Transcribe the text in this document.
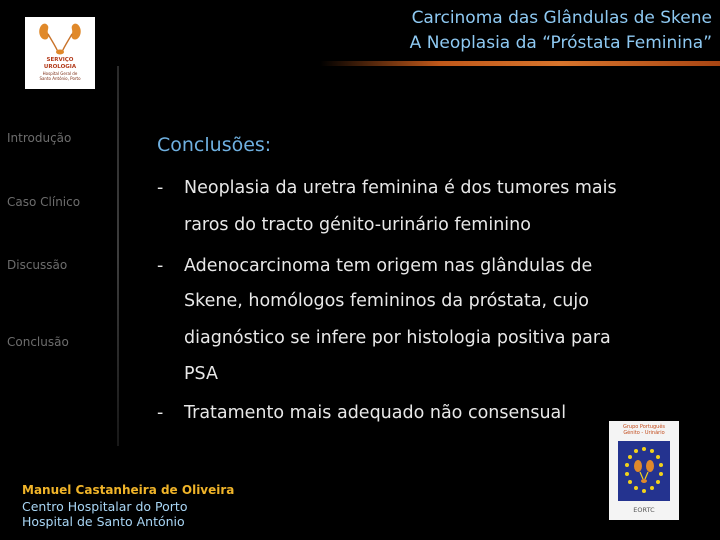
Carcinoma das Glândulas de Skene
A Neoplasia da “Próstata Feminina”
SERVIÇO
UROLOGIA
Hospital Geral de
Santo António, Porto
Introdução
Caso Clínico
Discussão
Conclusão
Conclusões:
- Neoplasia da uretra feminina é dos tumores mais
raros do tracto génito-urinário feminino
- Adenocarcinoma tem origem nas glândulas de
Skene, homólogos femininos da próstata, cujo
diagnóstico se infere por histologia positiva para
PSA
- Tratamento mais adequado não consensual
Manuel Castanheira de Oliveira
Centro Hospitalar do Porto
Hospital de Santo António
Grupo Português
Génito - Urinário
EORTC
